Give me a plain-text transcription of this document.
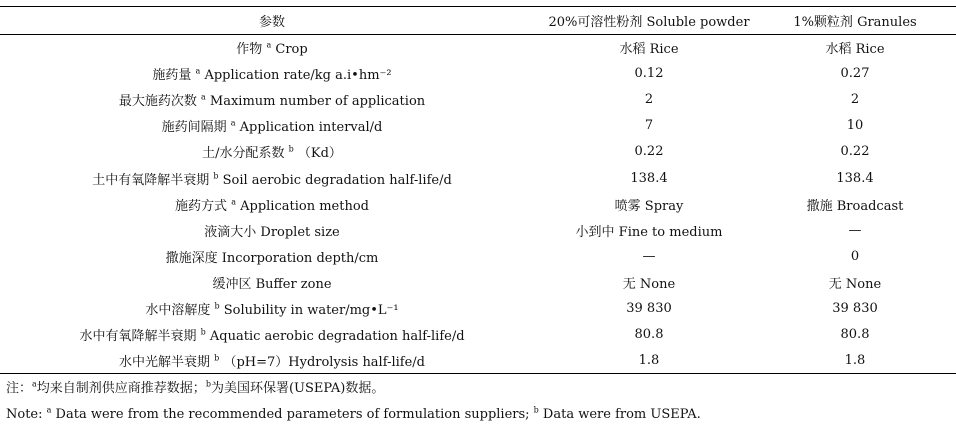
参数	20%可溶性粉剂 Soluble powder	1%颗粒剂 Granules
作物 $^a$ Crop	水稻 Rice	水稻 Rice
施药量 $^a$ Application rate/kg a.i•hm⁻²	0.12	0.27
最大施药次数 $^a$ Maximum number of application	2	2
施药间隔期 $^a$ Application interval/d	7	10
土/水分配系数 $^b$ （Kd）	0.22	0.22
土中有氧降解半衰期 $^b$ Soil aerobic degradation half-life/d	138.4	138.4
施药方式 $^a$ Application method	喷雾 Spray	撒施 Broadcast
液滴大小 Droplet size	小到中 Fine to medium	—
撒施深度 Incorporation depth/cm	—	0
缓冲区 Buffer zone	无 None	无 None
水中溶解度 $^b$ Solubility in water/mg•L⁻¹	39 830	39 830
水中有氧降解半衰期 $^b$ Aquatic aerobic degradation half-life/d	80.8	80.8
水中光解半衰期 $^b$ （pH=7）Hydrolysis half-life/d	1.8	1.8
注：$^a$均来自制剂供应商推荐数据；$^b$为美国环保署(USEPA)数据。
Note: $^a$ Data were from the recommended parameters of formulation suppliers; $^b$ Data were from USEPA.
